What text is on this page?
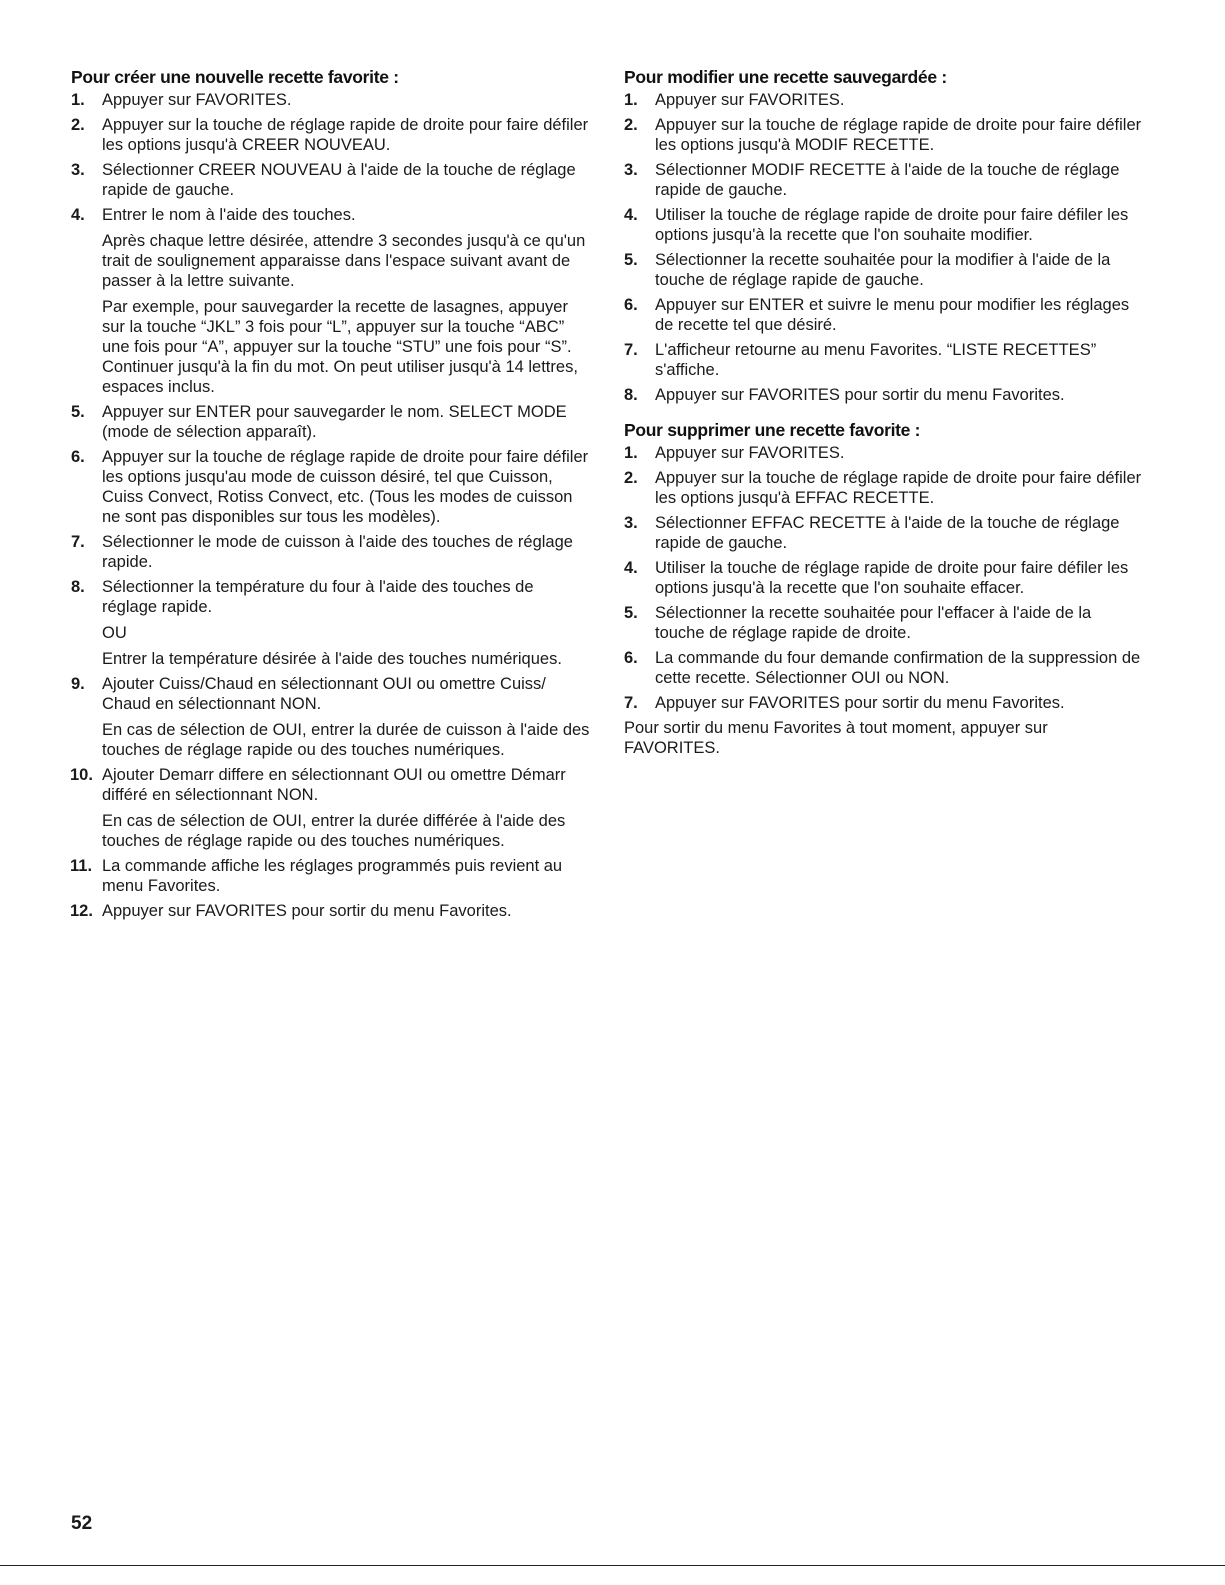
Pour créer une nouvelle recette favorite :
1.	Appuyer sur FAVORITES.

2.	Appuyer sur la touche de réglage rapide de droite pour faire défiler les options jusqu'à CREER NOUVEAU.

3.	Sélectionner CREER NOUVEAU à l'aide de la touche de réglage rapide de gauche.

4.	Entrer le nom à l'aide des touches.

Après chaque lettre désirée, attendre 3 secondes jusqu'à ce qu'un trait de soulignement apparaisse dans l'espace suivant avant de passer à la lettre suivante.

Par exemple, pour sauvegarder la recette de lasagnes, appuyer sur la touche “JKL” 3 fois pour “L”, appuyer sur la touche “ABC” une fois pour “A”, appuyer sur la touche “STU” une fois pour “S”. Continuer jusqu'à la fin du mot. On peut utiliser jusqu'à 14 lettres, espaces inclus.

5.	Appuyer sur ENTER pour sauvegarder le nom. SELECT MODE (mode de sélection apparaît).

6.	Appuyer sur la touche de réglage rapide de droite pour faire défiler les options jusqu'au mode de cuisson désiré, tel que Cuisson, Cuiss Convect, Rotiss Convect, etc. (Tous les modes de cuisson ne sont pas disponibles sur tous les modèles).

7.	Sélectionner le mode de cuisson à l'aide des touches de réglage rapide.

8.	Sélectionner la température du four à l'aide des touches de réglage rapide.

OU

Entrer la température désirée à l'aide des touches numériques.

9.	Ajouter Cuiss/Chaud en sélectionnant OUI ou omettre Cuiss/ Chaud en sélectionnant NON.

En cas de sélection de OUI, entrer la durée de cuisson à l'aide des touches de réglage rapide ou des touches numériques.

10. Ajouter Demarr differe en sélectionnant OUI ou omettre Démarr différé en sélectionnant NON.

En cas de sélection de OUI, entrer la durée différée à l'aide des touches de réglage rapide ou des touches numériques.

11. La commande affiche les réglages programmés puis revient au menu Favorites.

12. Appuyer sur FAVORITES pour sortir du menu Favorites.

Pour modifier une recette sauvegardée :
1.	Appuyer sur FAVORITES.

2.	Appuyer sur la touche de réglage rapide de droite pour faire défiler les options jusqu'à MODIF RECETTE.

3.	Sélectionner MODIF RECETTE à l'aide de la touche de réglage rapide de gauche.

4.	Utiliser la touche de réglage rapide de droite pour faire défiler les options jusqu'à la recette que l'on souhaite modifier.

5.	Sélectionner la recette souhaitée pour la modifier à l'aide de la touche de réglage rapide de gauche.

6.	Appuyer sur ENTER et suivre le menu pour modifier les réglages de recette tel que désiré.

7.	L'afficheur retourne au menu Favorites. “LISTE RECETTES” s'affiche.

8.	Appuyer sur FAVORITES pour sortir du menu Favorites.

Pour supprimer une recette favorite :
1.	Appuyer sur FAVORITES.

2.	Appuyer sur la touche de réglage rapide de droite pour faire défiler les options jusqu'à EFFAC RECETTE.

3.	Sélectionner EFFAC RECETTE à l'aide de la touche de réglage rapide de gauche.

4.	Utiliser la touche de réglage rapide de droite pour faire défiler les options jusqu'à la recette que l'on souhaite effacer.

5.	Sélectionner la recette souhaitée pour l'effacer à l'aide de la touche de réglage rapide de droite.

6.	La commande du four demande confirmation de la suppression de cette recette. Sélectionner OUI ou NON.

7.	Appuyer sur FAVORITES pour sortir du menu Favorites.

Pour sortir du menu Favorites à tout moment, appuyer sur FAVORITES.

52
